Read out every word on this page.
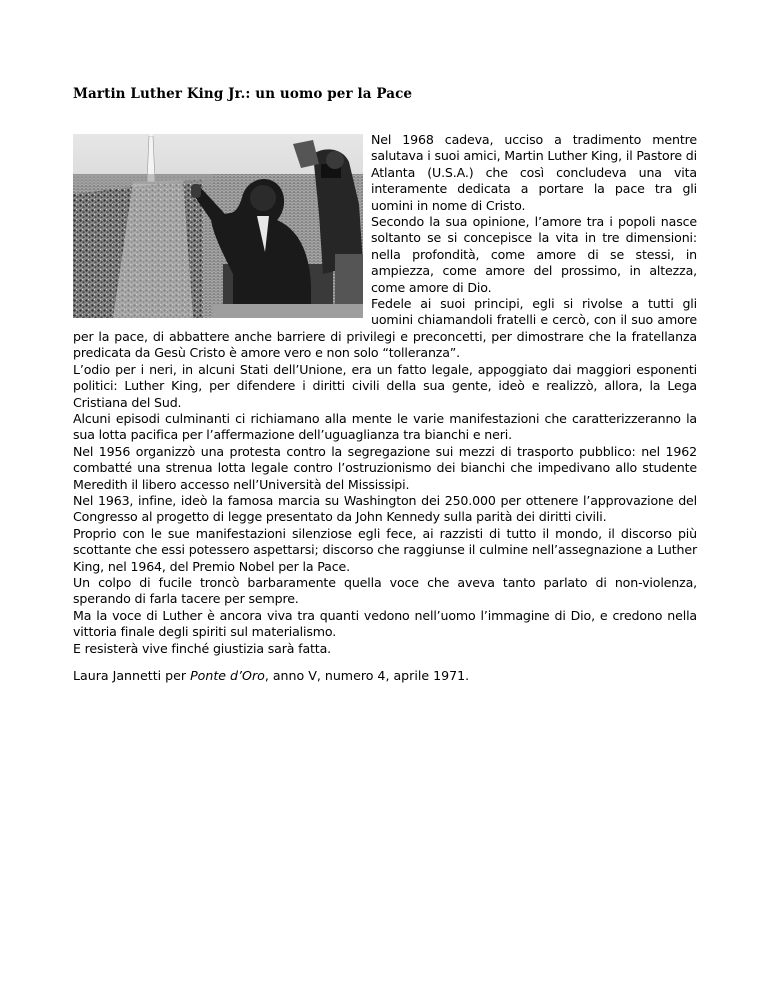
Martin Luther King Jr.: un uomo per la Pace

Nel 1968 cadeva, ucciso a tradimento mentre salutava i suoi amici, Martin Luther King, il Pastore di Atlanta (U.S.A.) che così concludeva una vita interamente dedicata a portare la pace tra gli uomini in nome di Cristo.

Secondo la sua opinione, l’amore tra i popoli nasce soltanto se si concepisce la vita in tre dimensioni: nella profondità, come amore di se stessi, in ampiezza, come amore del prossimo, in altezza, come amore di Dio.

Fedele ai suoi principi, egli si rivolse a tutti gli uomini chiamandoli fratelli e cercò, con il suo amore per la pace, di abbattere anche barriere di privilegi e preconcetti, per dimostrare che la fratellanza predicata da Gesù Cristo è amore vero e non solo “tolleranza”.

L’odio per i neri, in alcuni Stati dell’Unione, era un fatto legale, appoggiato dai maggiori esponenti politici: Luther King, per difendere i diritti civili della sua gente, ideò e realizzò, allora, la Lega Cristiana del Sud.

Alcuni episodi culminanti ci richiamano alla mente le varie manifestazioni che caratterizzeranno la sua lotta pacifica per l’affermazione dell’uguaglianza tra bianchi e neri.

Nel 1956 organizzò una protesta contro la segregazione sui mezzi di trasporto pubblico: nel 1962 combatté una strenua lotta legale contro l’ostruzionismo dei bianchi che impedivano allo studente Meredith il libero accesso nell’Università del Mississipi.

Nel 1963, infine, ideò la famosa marcia su Washington dei 250.000 per ottenere l’approvazione del Congresso al progetto di legge presentato da John Kennedy sulla parità dei diritti civili.

Proprio con le sue manifestazioni silenziose egli fece, ai razzisti di tutto il mondo, il discorso più scottante che essi potessero aspettarsi; discorso che raggiunse il culmine nell’assegnazione a Luther King, nel 1964, del Premio Nobel per la Pace.

Un colpo di fucile troncò barbaramente quella voce che aveva tanto parlato di non-violenza, sperando di farla tacere per sempre.

Ma la voce di Luther è ancora viva tra quanti vedono nell’uomo l’immagine di Dio, e credono nella vittoria finale degli spiriti sul materialismo.

E resisterà vive finché giustizia sarà fatta.

Laura Jannetti per Ponte d’Oro, anno V, numero 4, aprile 1971.
